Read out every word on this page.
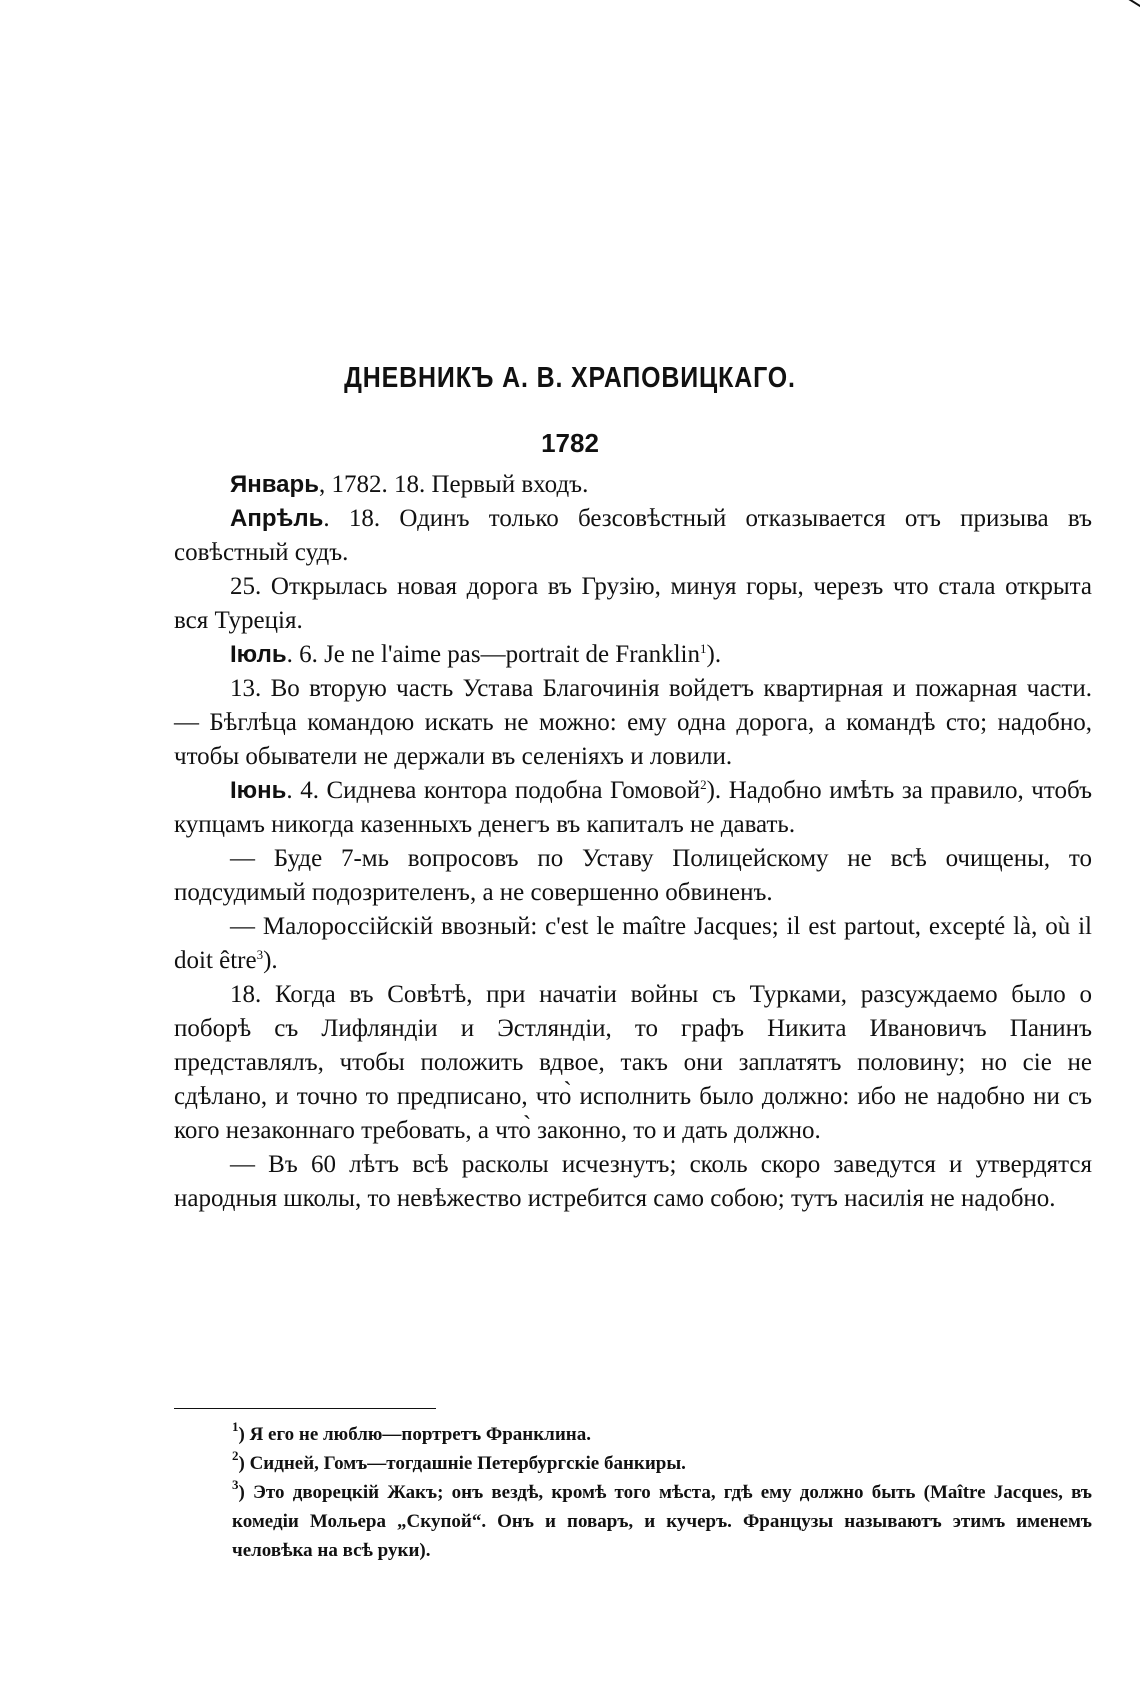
ДНЕВНИКЪ А. В. ХРАПОВИЦКАГО.
1782

Январь, 1782. 18. Первый входъ.

Апрѣль. 18. Одинъ только безсовѣстный отказывается отъ призыва въ совѣстный судъ.

25. Открылась новая дорога въ Грузію, минуя горы, черезъ что стала открыта вся Турецiя.

Іюль. 6. Je ne l'aime pas—portrait de Franklin$^1$).

13. Во вторую часть Устава Благочинія войдетъ квартирная и пожарная части. — Бѣглѣца командою искать не можно: ему одна дорога, а командѣ сто; надобно, чтобы обыватели не держали въ селеніяхъ и ловили.

Іюнь. 4. Сиднева контора подобна Гомовой$^2$). Надобно имѣть за правило, чтобъ купцамъ никогда казенныхъ денегъ въ капиталъ не давать.

— Буде 7-мь вопросовъ по Уставу Полицейскому не всѣ очищены, то подсудимый подозрителенъ, а не совершенно обвиненъ.

— Малороссійскій ввозный: c'est le maître Jacques; il est partout, excepté là, où il doit être$^3$).

18. Когда въ Совѣтѣ, при начатіи войны съ Турками, разсуждаемо было о поборѣ съ Лифляндіи и Эстляндіи, то графъ Никита Ивановичъ Панинъ представлялъ, чтобы положить вдвое, такъ они заплатятъ половину; но сіе не сдѣлано, и точно то предписано, что̀ исполнить было должно: ибо не надобно ни съ кого незаконнаго требовать, а что̀ законно, то и дать должно.

— Въ 60 лѣтъ всѣ расколы исчезнутъ; сколь скоро заведутся и утвердятся народныя школы, то невѣжество истребится само собою; тутъ насилія не надобно.

$^1$) Я его не люблю—портретъ Франклина.

$^2$) Сидней, Гомъ—тогдашніе Петербургскіе банкиры.

$^3$) Это дворецкій Жакъ; онъ вездѣ, кромѣ того мѣста, гдѣ ему должно быть (Maître Jacques, въ комедіи Мольера „Скупой“. Онъ и поваръ, и кучеръ. Французы называютъ этимъ именемъ человѣка на всѣ руки).
